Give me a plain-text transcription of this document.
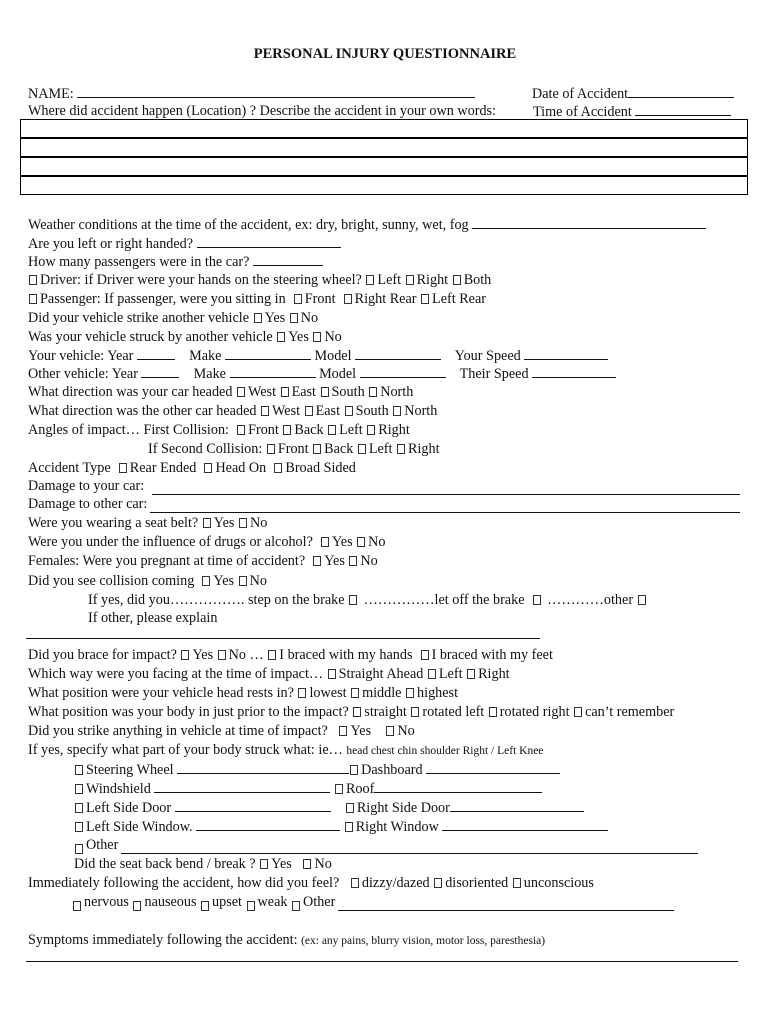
PERSONAL INJURY QUESTIONNAIRE
NAME:	Date of Accident
Where did accident happen (Location) ? Describe the accident in your own words:	Time of Accident
Weather conditions at the time of the accident, ex: dry, bright, sunny, wet, fog
Are you left or right handed?
How many passengers were in the car?
Driver: if Driver were your hands on the steering wheel? Left Right Both
Passenger: If passenger, were you sitting in Front Right Rear Left Rear
Did your vehicle strike another vehicle Yes No
Was your vehicle struck by another vehicle Yes No
Your vehicle: Year	Make	Model	Your Speed
Other vehicle: Year	Make	Model	Their Speed
What direction was your car headed West East South North
What direction was the other car headed West East South North
Angles of impact… First Collision: Front Back Left Right
If Second Collision: Front Back Left Right
Accident Type Rear Ended Head On Broad Sided
Damage to your car:
Damage to other car:
Were you wearing a seat belt? Yes No
Were you under the influence of drugs or alcohol? Yes No
Females: Were you pregnant at time of accident? Yes No
Did you see collision coming Yes No
If yes, did you……………. step on the brake ……………let off the brake …………other
If other, please explain
Did you brace for impact? Yes No … I braced with my hands I braced with my feet
Which way were you facing at the time of impact… Straight Ahead Left Right
What position were your vehicle head rests in? lowest middle highest
What position was your body in just prior to the impact? straight rotated left rotated right can’t remember
Did you strike anything in vehicle at time of impact? Yes No
If yes, specify what part of your body struck what: ie… head chest chin shoulder Right / Left Knee
Steering Wheel	Dashboard
Windshield	Roof
Left Side Door	Right Side Door
Left Side Window.	Right Window
Other
Did the seat back bend / break ? Yes No
Immediately following the accident, how did you feel? dizzy/dazed disoriented unconscious
nervous
nauseous
upset
weak
Other
Symptoms immediately following the accident: (ex: any pains, blurry vision, motor loss, paresthesia)
